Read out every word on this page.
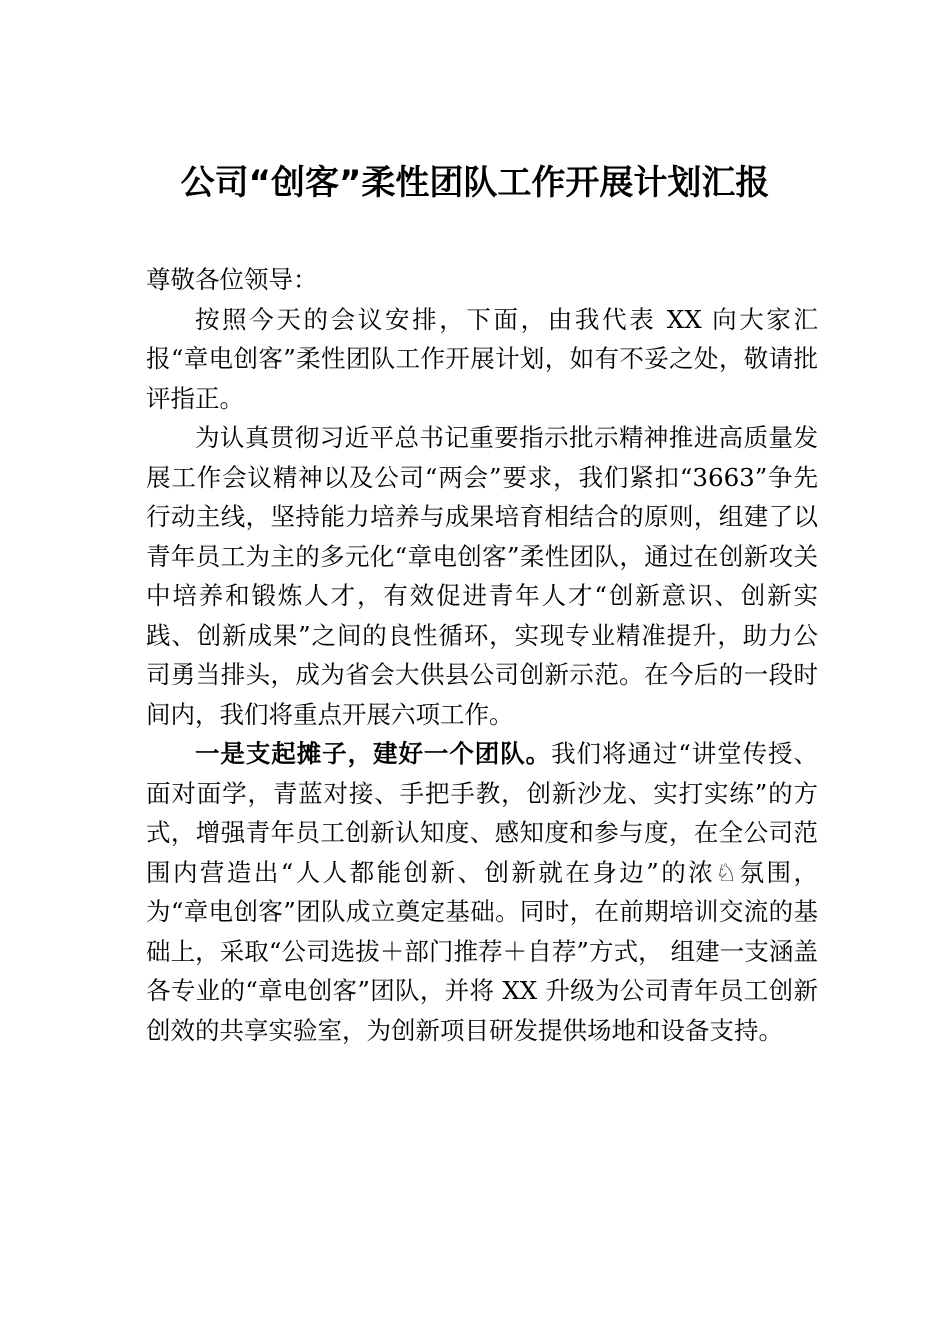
公司“创客”柔性团队工作开展计划汇报

尊敬各位领导：

按照今天的会议安排，下面，由我代表 XX 向大家汇报“章电创客”柔性团队工作开展计划，如有不妥之处，敬请批评指正。

为认真贯彻习近平总书记重要指示批示精神推进高质量发展工作会议精神以及公司“两会”要求，我们紧扣“3663”争先行动主线，坚持能力培养与成果培育相结合的原则，组建了以青年员工为主的多元化“章电创客”柔性团队，通过在创新攻关中培养和锻炼人才，有效促进青年人才“创新意识、创新实践、创新成果”之间的良性循环，实现专业精准提升，助力公司勇当排头，成为省会大供县公司创新示范。在今后的一段时间内，我们将重点开展六项工作。

一是支起摊子，建好一个团队。我们将通过“讲堂传授、面对面学，青蓝对接、手把手教，创新沙龙、实打实练”的方式，增强青年员工创新认知度、感知度和参与度，在全公司范围内营造出“人人都能创新、创新就在身边”的浓♘氛围，为“章电创客”团队成立奠定基础。同时，在前期培训交流的基础上，采取“公司选拔＋部门推荐＋自荐”方式， 组建一支涵盖各专业的“章电创客”团队，并将 XX 升级为公司青年员工创新创效的共享实验室，为创新项目研发提供场地和设备支持。
